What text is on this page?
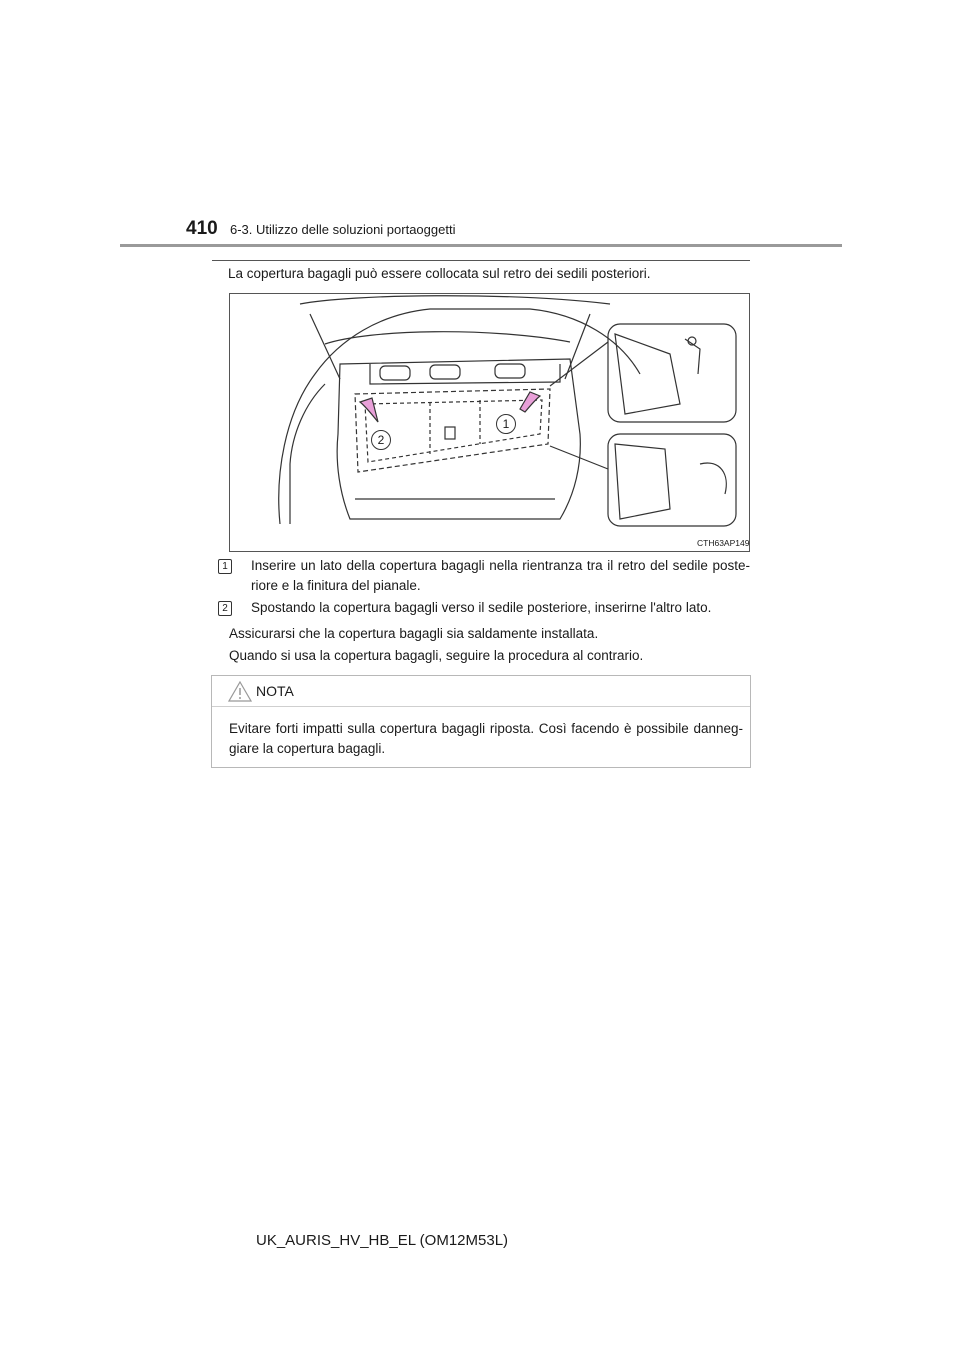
410 6-3. Utilizzo delle soluzioni portaoggetti
La copertura bagagli può essere collocata sul retro dei sedili posteriori.
2
1
CTH63AP149
1	Inserire un lato della copertura bagagli nella rientranza tra il retro del sedile poste-riore e la finitura del pianale.
2	Spostando la copertura bagagli verso il sedile posteriore, inserirne l'altro lato.
Assicurarsi che la copertura bagagli sia saldamente installata.
Quando si usa la copertura bagagli, seguire la procedura al contrario.
NOTA
Evitare forti impatti sulla copertura bagagli riposta. Così facendo è possibile danneg-giare la copertura bagagli.
UK_AURIS_HV_HB_EL (OM12M53L)
